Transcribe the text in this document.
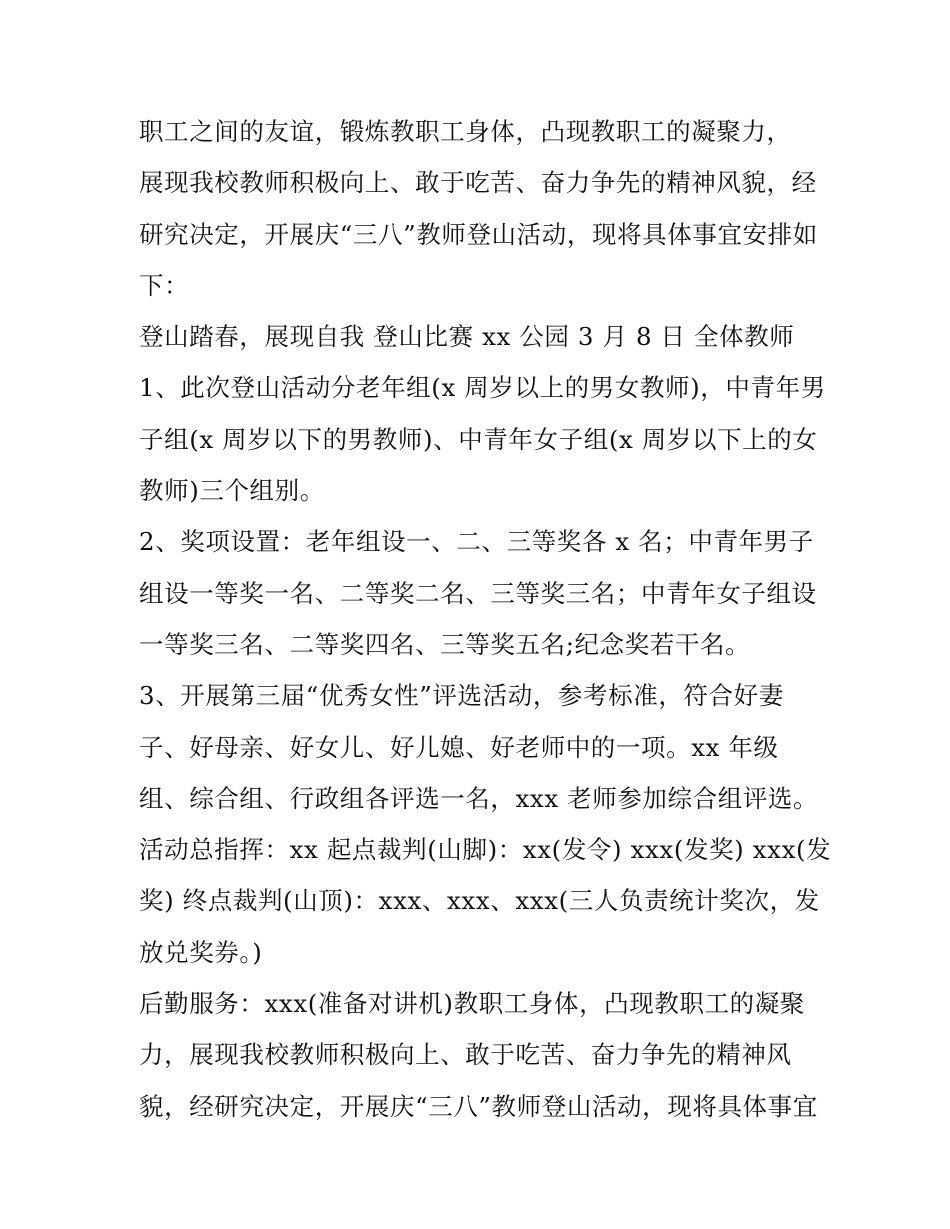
职工之间的友谊，锻炼教职工身体，凸现教职工的凝聚力，
展现我校教师积极向上、敢于吃苦、奋力争先的精神风貌，经
研究决定，开展庆“三八”教师登山活动，现将具体事宜安排如
下：
登山踏春，展现自我 登山比赛 xx 公园 3 月 8 日 全体教师
1、此次登山活动分老年组(x 周岁以上的男女教师)，中青年男
子组(x 周岁以下的男教师)、中青年女子组(x 周岁以下上的女
教师)三个组别。
2、奖项设置：老年组设一、二、三等奖各 x 名；中青年男子
组设一等奖一名、二等奖二名、三等奖三名；中青年女子组设
一等奖三名、二等奖四名、三等奖五名;纪念奖若干名。
3、开展第三届“优秀女性”评选活动，参考标准，符合好妻
子、好母亲、好女儿、好儿媳、好老师中的一项。xx 年级
组、综合组、行政组各评选一名，xxx 老师参加综合组评选。
活动总指挥：xx 起点裁判(山脚)：xx(发令) xxx(发奖) xxx(发
奖) 终点裁判(山顶)：xxx、xxx、xxx(三人负责统计奖次，发
放兑奖券。)
后勤服务：xxx(准备对讲机)教职工身体，凸现教职工的凝聚
力，展现我校教师积极向上、敢于吃苦、奋力争先的精神风
貌，经研究决定，开展庆“三八”教师登山活动，现将具体事宜
